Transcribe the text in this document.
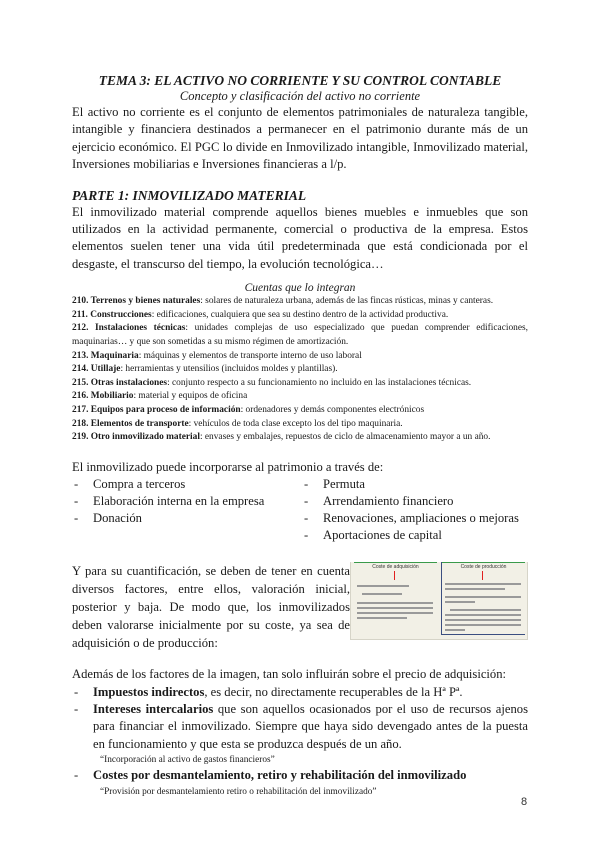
TEMA 3: EL ACTIVO NO CORRIENTE Y SU CONTROL CONTABLE
Concepto y clasificación del activo no corriente

El activo no corriente es el conjunto de elementos patrimoniales de naturaleza tangible, intangible y financiera destinados a permanecer en el patrimonio durante más de un ejercicio económico. El PGC lo divide en Inmovilizado intangible, Inmovilizado material, Inversiones mobiliarias e Inversiones financieras a l/p.

PARTE 1: INMOVILIZADO MATERIAL

El inmovilizado material comprende aquellos bienes muebles e inmuebles que son utilizados en la actividad permanente, comercial o productiva de la empresa. Estos elementos suelen tener una vida útil predeterminada que está condicionada por el desgaste, el transcurso del tiempo, la evolución tecnológica…

Cuentas que lo integran
210. Terrenos y bienes naturales: solares de naturaleza urbana, además de las fincas rústicas, minas y canteras.
211. Construcciones: edificaciones, cualquiera que sea su destino dentro de la actividad productiva.
212. Instalaciones técnicas: unidades complejas de uso especializado que puedan comprender edificaciones, maquinarias… y que son sometidas a su mismo régimen de amortización.
213. Maquinaria: máquinas y elementos de transporte interno de uso laboral
214. Utillaje: herramientas y utensilios (incluidos moldes y plantillas).
215. Otras instalaciones: conjunto respecto a su funcionamiento no incluido en las instalaciones técnicas.
216. Mobiliario: material y equipos de oficina
217. Equipos para proceso de información: ordenadores y demás componentes electrónicos
218. Elementos de transporte: vehículos de toda clase excepto los del tipo maquinaria.
219. Otro inmovilizado material: envases y embalajes, repuestos de ciclo de almacenamiento mayor a un año.

El inmovilizado puede incorporarse al patrimonio a través de:

-	Compra a terceros
-	Elaboración interna en la empresa
-	Donación
-	Permuta
-	Arrendamiento financiero
-	Renovaciones, ampliaciones o mejoras
-	Aportaciones de capital
Coste de adquisición	Coste de producción

Y para su cuantificación, se deben de tener en cuenta diversos factores, entre ellos, valoración inicial, posterior y baja. De modo que, los inmovilizados deben valorarse inicialmente por su coste, ya sea de adquisición o de producción:

Además de los factores de la imagen, tan solo influirán sobre el precio de adquisición:

-	Impuestos indirectos, es decir, no directamente recuperables de la Hª Pª.
-	Intereses intercalarios que son aquellos ocasionados por el uso de recursos ajenos para financiar el inmovilizado. Siempre que haya sido devengado antes de la puesta en funcionamiento y que esta se produzca después de un año.
“Incorporación al activo de gastos financieros”
-	Costes por desmantelamiento, retiro y rehabilitación del inmovilizado
“Provisión por desmantelamiento retiro o rehabilitación del inmovilizado”
8
